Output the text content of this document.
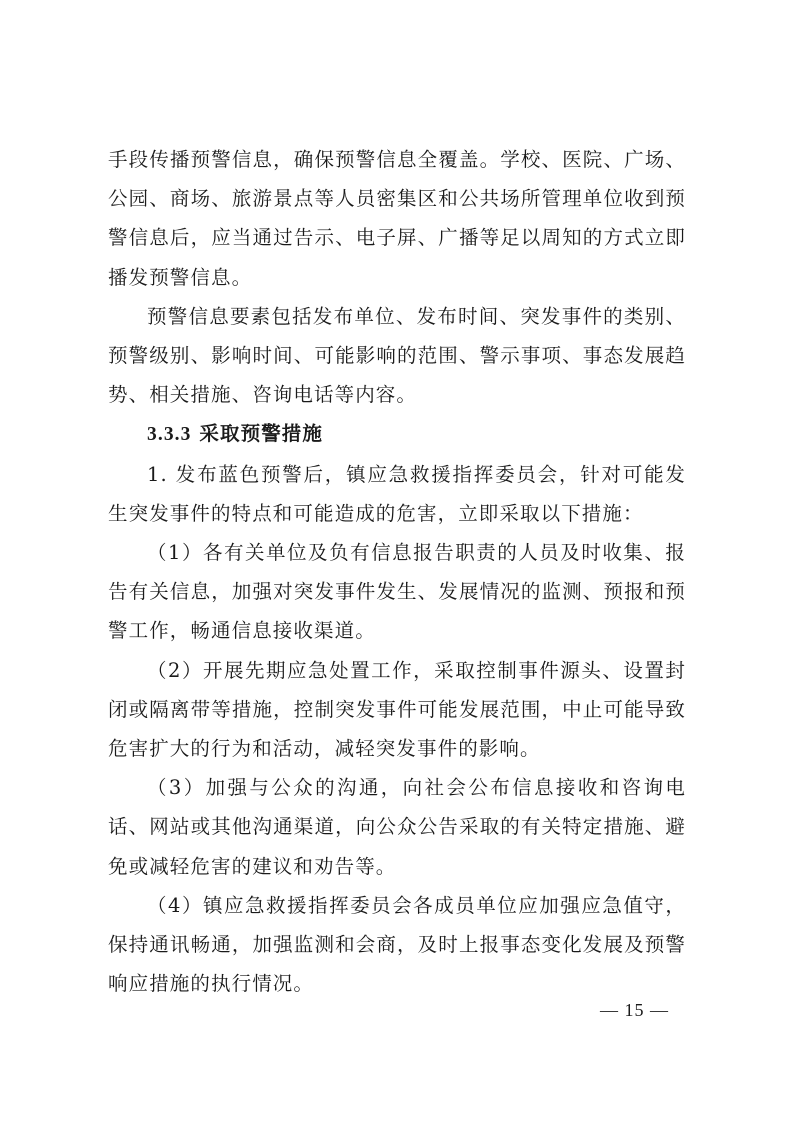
手段传播预警信息，确保预警信息全覆盖。学校、医院、广场、公园、商场、旅游景点等人员密集区和公共场所管理单位收到预警信息后，应当通过告示、电子屏、广播等足以周知的方式立即播发预警信息。

预警信息要素包括发布单位、发布时间、突发事件的类别、预警级别、影响时间、可能影响的范围、警示事项、事态发展趋势、相关措施、咨询电话等内容。

3.3.3 采取预警措施

1. 发布蓝色预警后，镇应急救援指挥委员会，针对可能发生突发事件的特点和可能造成的危害，立即采取以下措施：

（1）各有关单位及负有信息报告职责的人员及时收集、报告有关信息，加强对突发事件发生、发展情况的监测、预报和预警工作，畅通信息接收渠道。

（2）开展先期应急处置工作，采取控制事件源头、设置封闭或隔离带等措施，控制突发事件可能发展范围，中止可能导致危害扩大的行为和活动，减轻突发事件的影响。

（3）加强与公众的沟通，向社会公布信息接收和咨询电话、网站或其他沟通渠道，向公众公告采取的有关特定措施、避免或减轻危害的建议和劝告等。

（4）镇应急救援指挥委员会各成员单位应加强应急值守，保持通讯畅通，加强监测和会商，及时上报事态变化发展及预警响应措施的执行情况。

— 15 —
